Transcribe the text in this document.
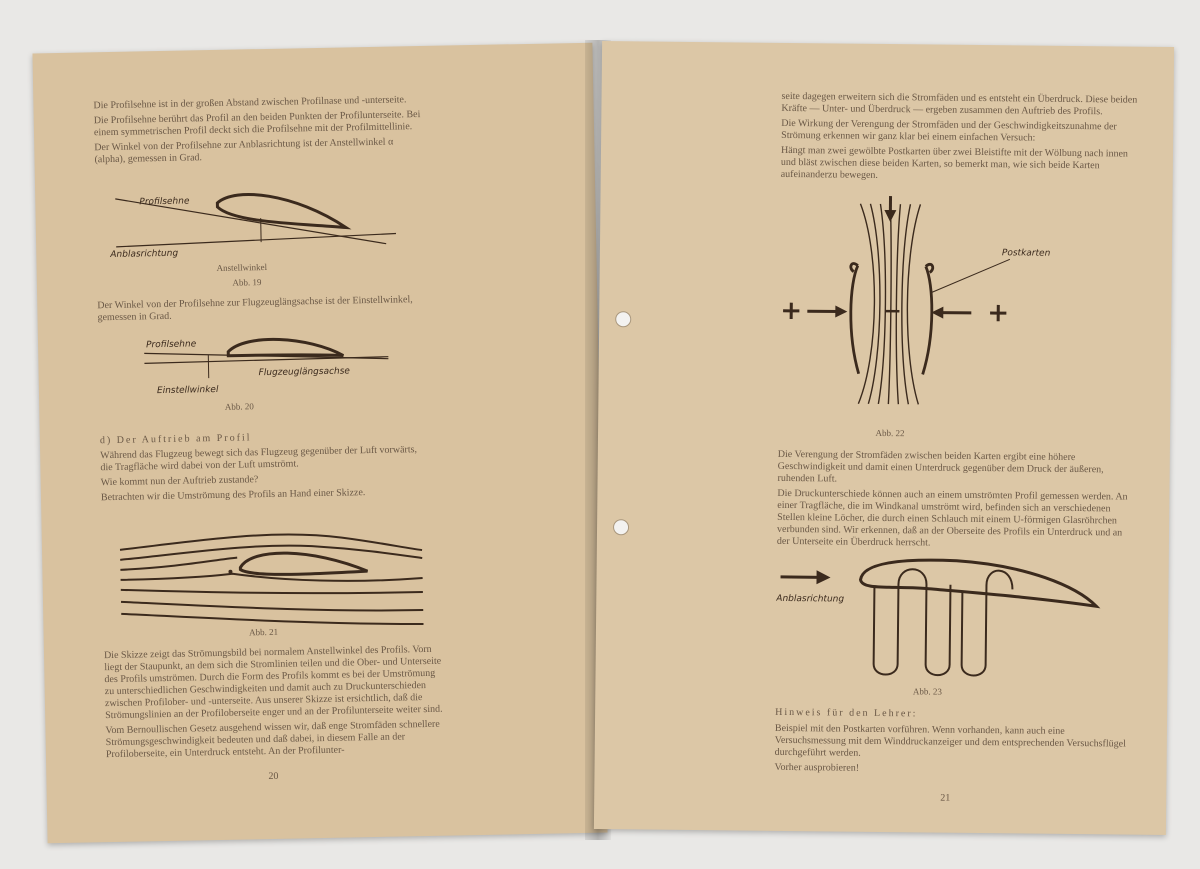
Die Profilsehne ist in der großen Abstand zwischen Profilnase und -unterseite.

Die Profilsehne berührt das Profil an den beiden Punkten der Profilunterseite. Bei einem symmetrischen Profil deckt sich die Profilsehne mit der Profilmittellinie.

Der Winkel von der Profilsehne zur Anblasrichtung ist der Anstellwinkel α (alpha), gemessen in Grad.

Profilsehne
Anblasrichtung
Anstellwinkel
Abb. 19
Der Winkel von der Profilsehne zur Flugzeuglängsachse ist der Einstellwinkel, gemessen in Grad.
Profilsehne
Flugzeuglängsachse
Einstellwinkel
Abb. 20
d) Der Auftrieb am Profil

Während das Flugzeug bewegt sich das Flugzeug gegenüber der Luft vorwärts, die Tragfläche wird dabei von der Luft umströmt.

Wie kommt nun der Auftrieb zustande?

Betrachten wir die Umströmung des Profils an Hand einer Skizze.

Abb. 21

Die Skizze zeigt das Strömungsbild bei normalem Anstellwinkel des Profils. Vorn liegt der Staupunkt, an dem sich die Stromlinien teilen und die Ober- und Unterseite des Profils umströmen. Durch die Form des Profils kommt es bei der Umströmung zu unterschiedlichen Geschwindigkeiten und damit auch zu Druckunterschieden zwischen Profilober- und -unterseite. Aus unserer Skizze ist ersichtlich, daß die Strömungslinien an der Profiloberseite enger und an der Profilunterseite weiter sind.

Vom Bernoullischen Gesetz ausgehend wissen wir, daß enge Stromfäden schnellere Strömungsgeschwindigkeit bedeuten und daß dabei, in diesem Falle an der Profiloberseite, ein Unterdruck entsteht. An der Profilunter-

20

seite dagegen erweitern sich die Stromfäden und es entsteht ein Überdruck. Diese beiden Kräfte — Unter- und Überdruck — ergeben zusammen den Auftrieb des Profils.

Die Wirkung der Verengung der Stromfäden und der Geschwindigkeitszunahme der Strömung erkennen wir ganz klar bei einem einfachen Versuch:

Hängt man zwei gewölbte Postkarten über zwei Bleistifte mit der Wölbung nach innen und bläst zwischen diese beiden Karten, so bemerkt man, wie sich beide Karten aufeinanderzu bewegen.

+	−	+
Postkarten
Abb. 22

Die Verengung der Stromfäden zwischen beiden Karten ergibt eine höhere Geschwindigkeit und damit einen Unterdruck gegenüber dem Druck der äußeren, ruhenden Luft.

Die Druckunterschiede können auch an einem umströmten Profil gemessen werden. An einer Tragfläche, die im Windkanal umströmt wird, befinden sich an verschiedenen Stellen kleine Löcher, die durch einen Schlauch mit einem U-förmigen Glasröhrchen verbunden sind. Wir erkennen, daß an der Oberseite des Profils ein Unterdruck und an der Unterseite ein Überdruck herrscht.

Anblasrichtung
Abb. 23
Hinweis für den Lehrer:

Beispiel mit den Postkarten vorführen. Wenn vorhanden, kann auch eine Versuchsmessung mit dem Winddruckanzeiger und dem entsprechenden Versuchsflügel durchgeführt werden.

Vorher ausprobieren!

21
